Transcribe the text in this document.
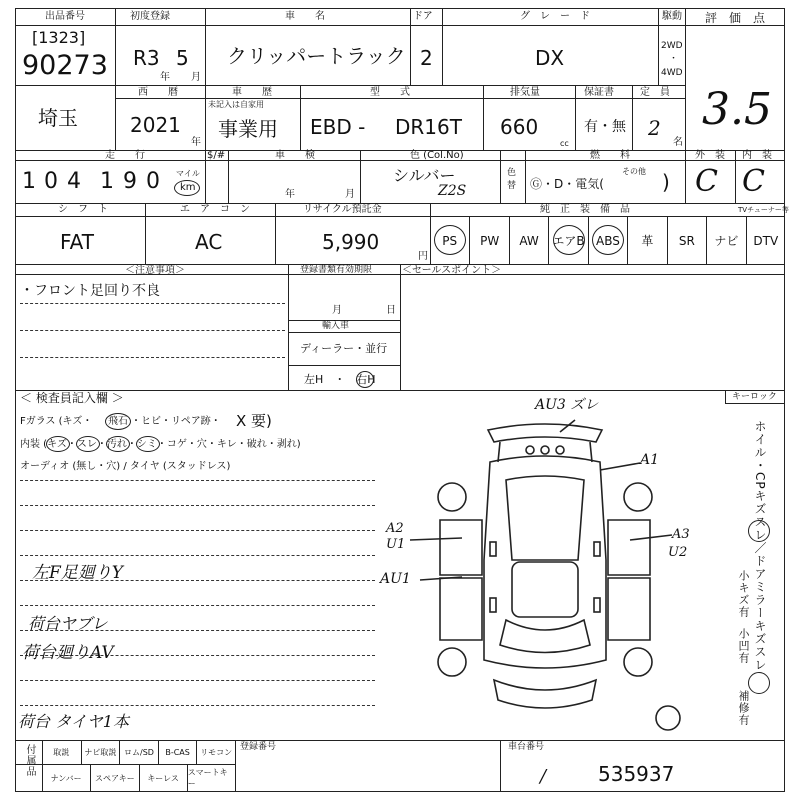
出品番号
[1323]
90273
初度登録
R3 5
年 月
車　　名
クリッパートラック
ドア
2
グ　レ　ー　ド
DX
駆動
2WD
・
4WD
評　価　点
3.5
埼玉
西　　暦
2021
年
車　　歴
未記入は自家用
事業用
型　　式
EBD - DR16T
排気量
660
cc
保証書
有・無
定　員
2
名
走　　行
1 0 4 1 9 0 マイル
km
$/#	車　　検
年	月
色 (Col.No)
シルバー
Z2S
色
替
燃　　料
Ⓖ・D・電気(
その他 )
外　装
C
内　装
C
シ　フ　ト
FAT
エ　ア　コ　ン
AC
リサイクル預託金
5,990
円
純　正　装　備　品	TVチューナー等
PS	PW	AW	エアB ABS	革	SR	ナビ	DTV
＜注意事項＞
・フロント足回り不良
登録書類有効期限
月	日
輸入車
ディーラー・並行
左H　・　右H
＜セールスポイント＞
＜ 検査員記入欄 ＞
Fガラス (キズ・ 飛石 ・ヒビ・リペア跡・ X 要)
内装 (キズ・スレ・汚れ・シミ・コゲ・穴・キレ・破れ・剥れ)
オーディオ (無し・穴) / タイヤ (スタッドレス)
左F足廻りY
荷台ヤブレ
荷台廻りAV
荷台 タイヤ1本
キーロック
AU3 ズレ
A1
A2
U1
AU1
A3
U2	ホイル・CPキズスレ／ドアミラーキズスレ
小キズ有
小凹有
補修有
付属品	取説	ナビ取説 ロム/SD	B-CAS	リモコン
ナンバー	スペアキー	キーレス
スマートキー
登録番号	車台番号
535937
/
